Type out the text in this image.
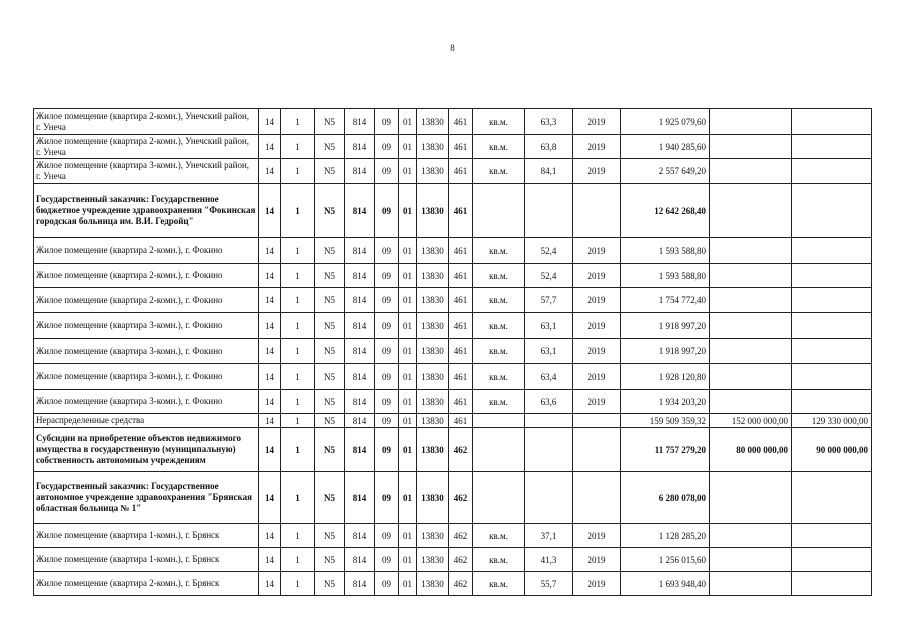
8
Жилое помещение (квартира 2-комн.), Унечский район, г. Унеча	14	1	N5	814	09	01	13830	461	кв.м.	63,3	2019	1 925 079,60		
Жилое помещение (квартира 2-комн.), Унечский район, г. Унеча	14	1	N5	814	09	01	13830	461	кв.м.	63,8	2019	1 940 285,60		
Жилое помещение (квартира 3-комн.), Унечский район, г. Унеча	14	1	N5	814	09	01	13830	461	кв.м.	84,1	2019	2 557 649,20		
Государственный заказчик: Государственное бюджетное учреждение здравоохранения "Фокинская городская больница им. В.И. Гедройц"	14	1	N5	814	09	01	13830	461				12 642 268,40		
Жилое помещение (квартира 2-комн.), г. Фокино	14	1	N5	814	09	01	13830	461	кв.м.	52,4	2019	1 593 588,80		
Жилое помещение (квартира 2-комн.), г. Фокино	14	1	N5	814	09	01	13830	461	кв.м.	52,4	2019	1 593 588,80		
Жилое помещение (квартира 2-комн.), г. Фокино	14	1	N5	814	09	01	13830	461	кв.м.	57,7	2019	1 754 772,40		
Жилое помещение (квартира 3-комн.), г. Фокино	14	1	N5	814	09	01	13830	461	кв.м.	63,1	2019	1 918 997,20		
Жилое помещение (квартира 3-комн.), г. Фокино	14	1	N5	814	09	01	13830	461	кв.м.	63,1	2019	1 918 997,20		
Жилое помещение (квартира 3-комн.), г. Фокино	14	1	N5	814	09	01	13830	461	кв.м.	63,4	2019	1 928 120,80		
Жилое помещение (квартира 3-комн.), г. Фокино	14	1	N5	814	09	01	13830	461	кв.м.	63,6	2019	1 934 203,20		
Нераспределенные средства	14	1	N5	814	09	01	13830	461				159 509 359,32	152 000 000,00	129 330 000,00
Субсидии на приобретение объектов недвижимого имущества в государственную (муниципальную) собственность автономным учреждениям	14	1	N5	814	09	01	13830	462				11 757 279,20	80 000 000,00	90 000 000,00
Государственный заказчик: Государственное автономное учреждение здравоохранения "Брянская областная больница № 1"	14	1	N5	814	09	01	13830	462				6 280 078,00		
Жилое помещение (квартира 1-комн.), г. Брянск	14	1	N5	814	09	01	13830	462	кв.м.	37,1	2019	1 128 285,20		
Жилое помещение (квартира 1-комн.), г. Брянск	14	1	N5	814	09	01	13830	462	кв.м.	41,3	2019	1 256 015,60		
Жилое помещение (квартира 2-комн.), г. Брянск	14	1	N5	814	09	01	13830	462	кв.м.	55,7	2019	1 693 948,40		
